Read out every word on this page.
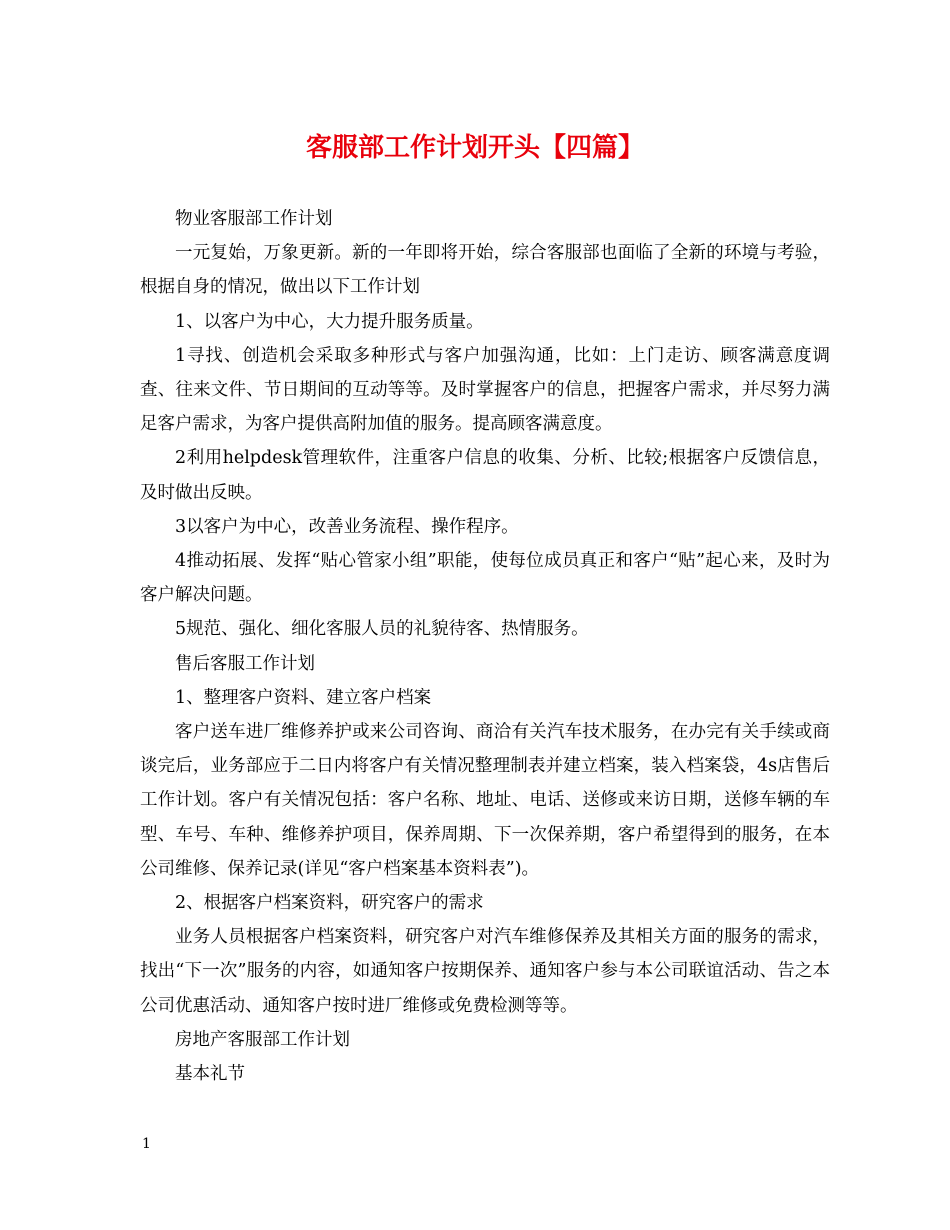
客服部工作计划开头【四篇】

物业客服部工作计划

一元复始，万象更新。新的一年即将开始，综合客服部也面临了全新的环境与考验，根据自身的情况，做出以下工作计划

1、以客户为中心，大力提升服务质量。

1寻找、创造机会采取多种形式与客户加强沟通，比如：上门走访、顾客满意度调查、往来文件、节日期间的互动等等。及时掌握客户的信息，把握客户需求，并尽努力满足客户需求，为客户提供高附加值的服务。提高顾客满意度。

2利用helpdesk管理软件，注重客户信息的收集、分析、比较;根据客户反馈信息，及时做出反映。

3以客户为中心，改善业务流程、操作程序。

4推动拓展、发挥“贴心管家小组”职能，使每位成员真正和客户“贴”起心来，及时为客户解决问题。

5规范、强化、细化客服人员的礼貌待客、热情服务。

售后客服工作计划

1、整理客户资料、建立客户档案

客户送车进厂维修养护或来公司咨询、商洽有关汽车技术服务，在办完有关手续或商谈完后，业务部应于二日内将客户有关情况整理制表并建立档案，装入档案袋，4s店售后工作计划。客户有关情况包括：客户名称、地址、电话、送修或来访日期，送修车辆的车型、车号、车种、维修养护项目，保养周期、下一次保养期，客户希望得到的服务，在本公司维修、保养记录(详见“客户档案基本资料表”)。

2、根据客户档案资料，研究客户的需求

业务人员根据客户档案资料，研究客户对汽车维修保养及其相关方面的服务的需求，找出“下一次”服务的内容，如通知客户按期保养、通知客户参与本公司联谊活动、告之本公司优惠活动、通知客户按时进厂维修或免费检测等等。

房地产客服部工作计划

基本礼节

1
